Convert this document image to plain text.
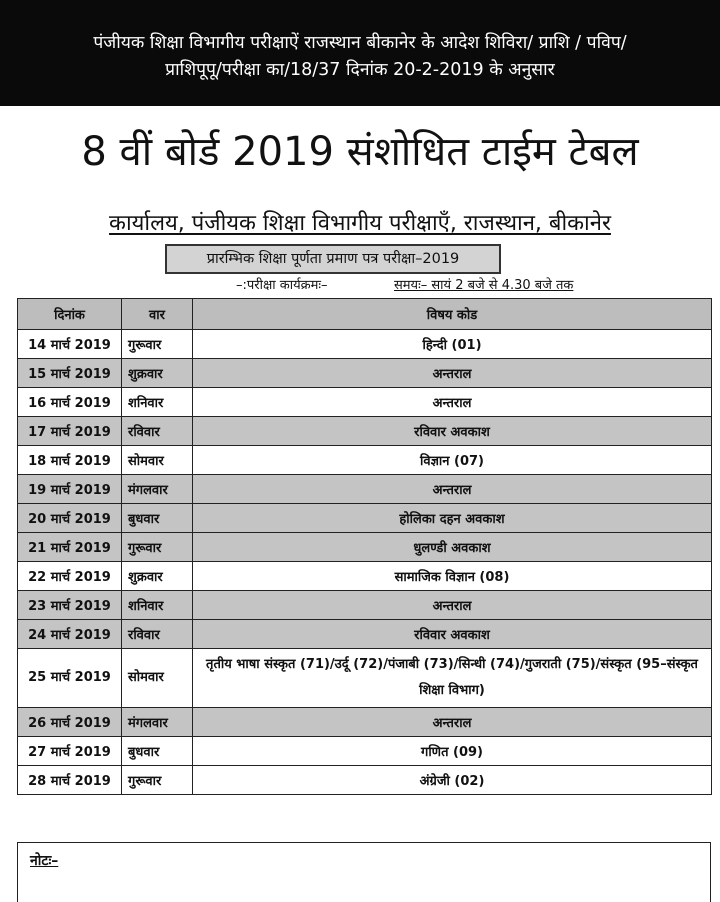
पंजीयक शिक्षा विभागीय परीक्षाऐं राजस्थान बीकानेर के आदेश शिविरा/ प्राशि / पविप/
प्राशिपूपू/परीक्षा का/18/37 दिनांक 20-2-2019 के अनुसार
8 वीं बोर्ड 2019 संशोधित टाईम टेबल
कार्यालय, पंजीयक शिक्षा विभागीय परीक्षाएँ, राजस्थान, बीकानेर
प्रारम्भिक शिक्षा पूर्णता प्रमाण पत्र परीक्षा–2019
–:परीक्षा कार्यक्रमः–	समयः– सायं 2 बजे से 4.30 बजे तक
दिनांक	वार	विषय कोड
14 मार्च 2019	गुरूवार	हिन्दी (01)
15 मार्च 2019	शुक्रवार	अन्तराल
16 मार्च 2019	शनिवार	अन्तराल
17 मार्च 2019	रविवार	रविवार अवकाश
18 मार्च 2019	सोमवार	विज्ञान (07)
19 मार्च 2019	मंगलवार	अन्तराल
20 मार्च 2019	बुधवार	होलिका दहन अवकाश
21 मार्च 2019	गुरूवार	धुलण्डी अवकाश
22 मार्च 2019	शुक्रवार	सामाजिक विज्ञान (08)
23 मार्च 2019	शनिवार	अन्तराल
24 मार्च 2019	रविवार	रविवार अवकाश
25 मार्च 2019	सोमवार	तृतीय भाषा संस्कृत (71)/उर्दू (72)/पंजाबी (73)/सिन्धी (74)/गुजराती (75)/संस्कृत (95–संस्कृत शिक्षा विभाग)
26 मार्च 2019	मंगलवार	अन्तराल
27 मार्च 2019	बुधवार	गणित (09)
28 मार्च 2019	गुरूवार	अंग्रेजी (02)
नोटः–
